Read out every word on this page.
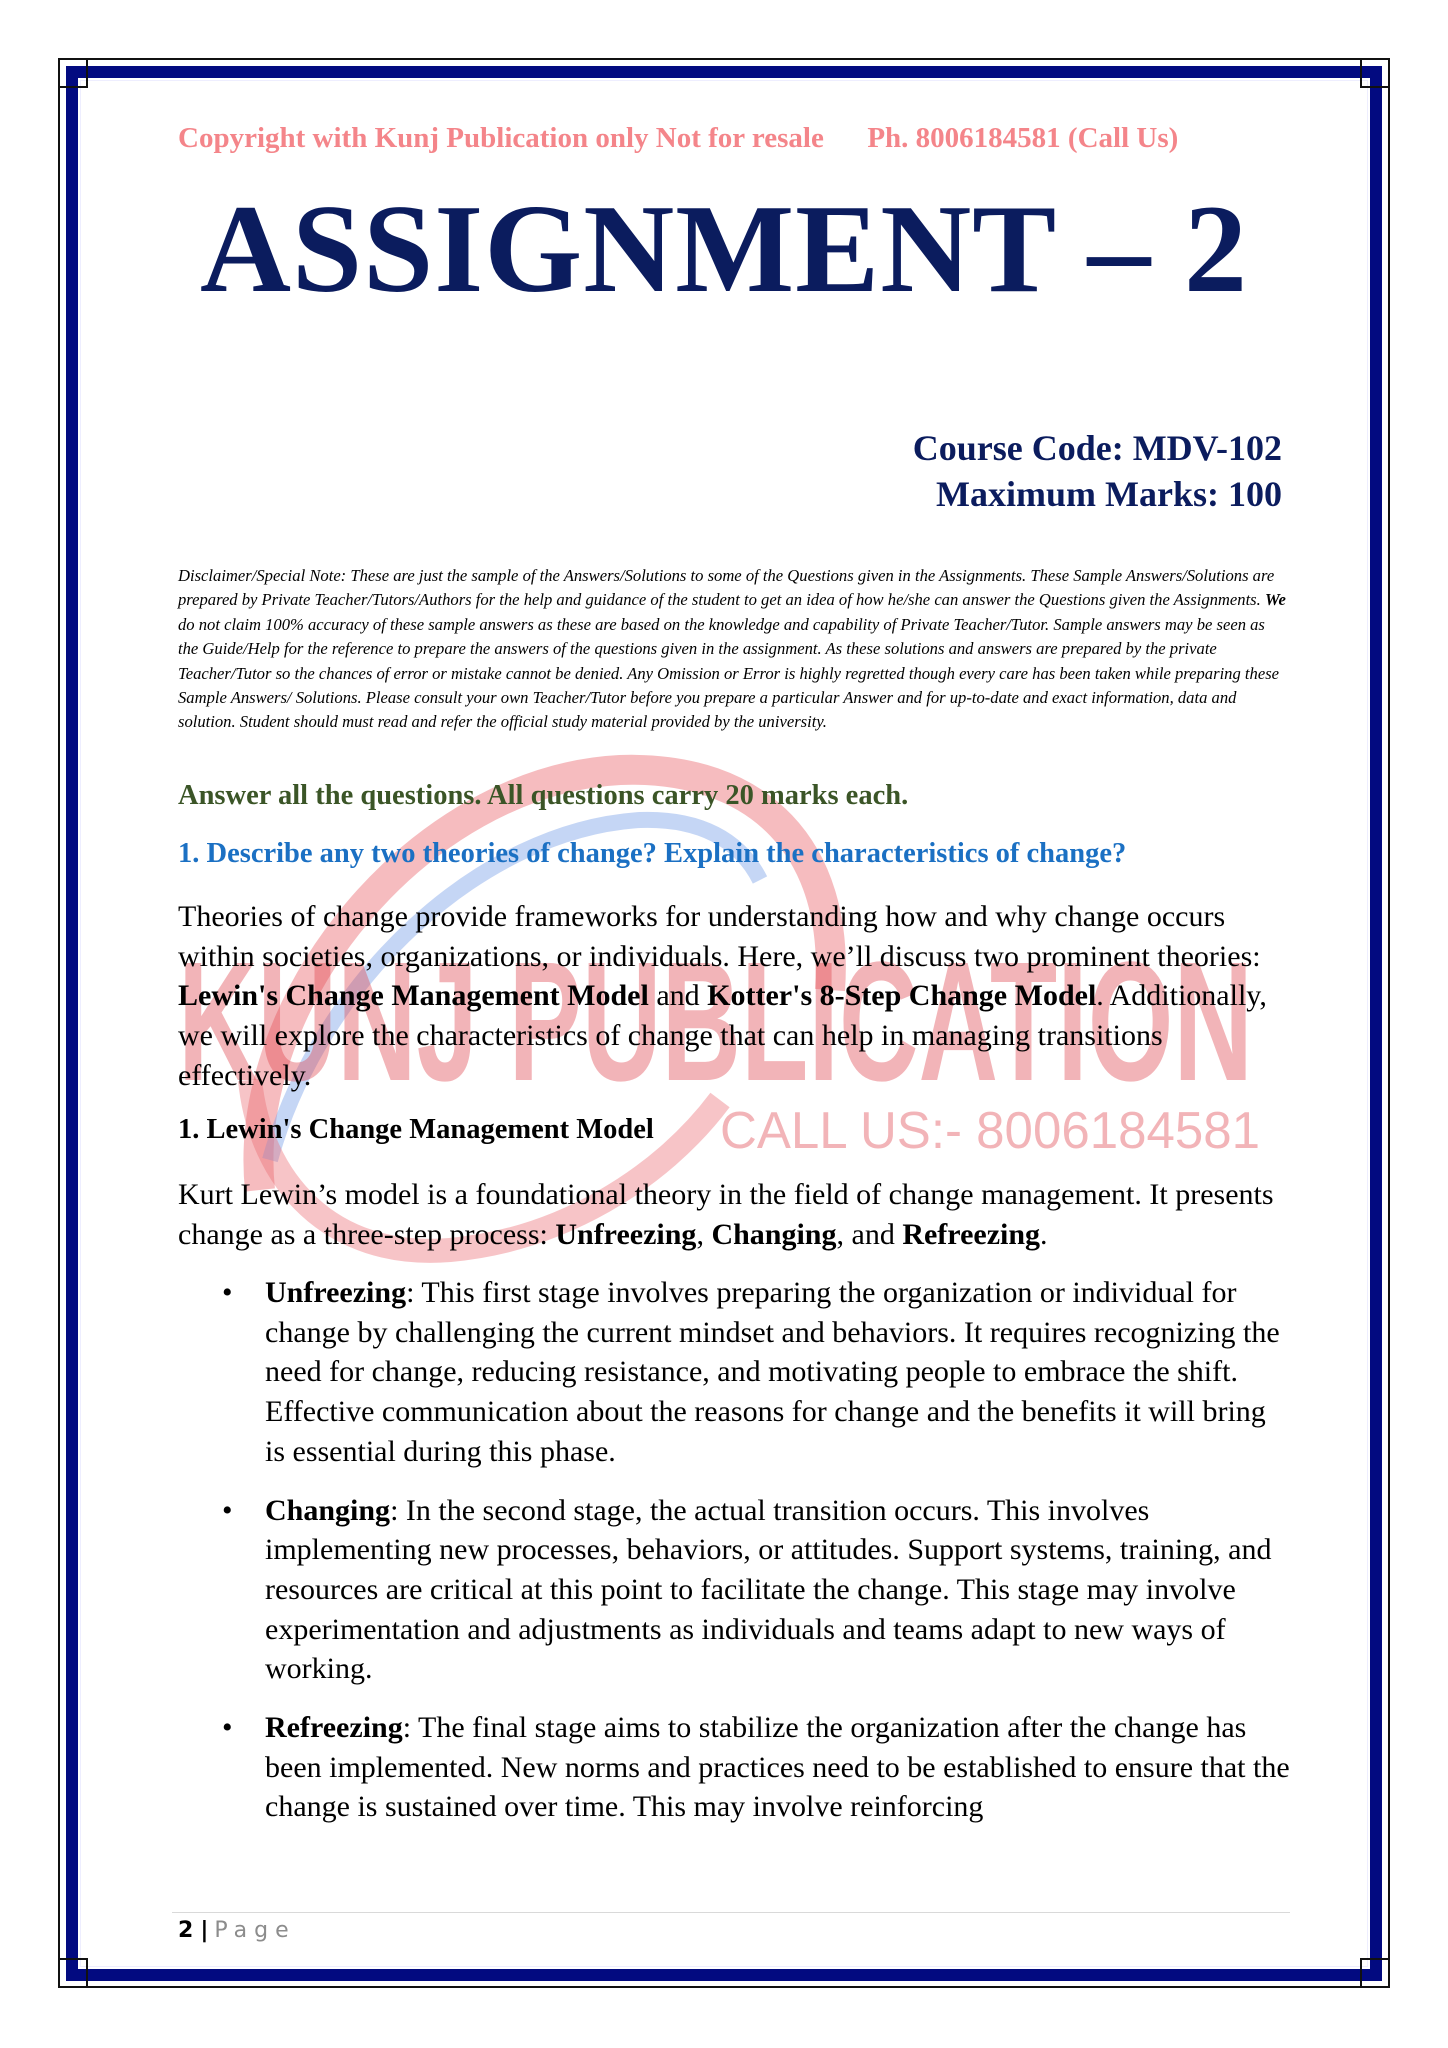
KUNJ PUBLICATION
CALL US:- 8006184581
Copyright with Kunj Publication only Not for resale Ph. 8006184581 (Call Us)
ASSIGNMENT – 2
Course Code: MDV-102
Maximum Marks: 100
Disclaimer/Special Note: These are just the sample of the Answers/Solutions to some of the Questions given in the Assignments. These Sample Answers/Solutions are prepared by Private Teacher/Tutors/Authors for the help and guidance of the student to get an idea of how he/she can answer the Questions given the Assignments. We do not claim 100% accuracy of these sample answers as these are based on the knowledge and capability of Private Teacher/Tutor. Sample answers may be seen as the Guide/Help for the reference to prepare the answers of the questions given in the assignment. As these solutions and answers are prepared by the private Teacher/Tutor so the chances of error or mistake cannot be denied. Any Omission or Error is highly regretted though every care has been taken while preparing these Sample Answers/ Solutions. Please consult your own Teacher/Tutor before you prepare a particular Answer and for up-to-date and exact information, data and solution. Student should must read and refer the official study material provided by the university.
Answer all the questions. All questions carry 20 marks each.
1. Describe any two theories of change? Explain the characteristics of change?
Theories of change provide frameworks for understanding how and why change occurs within societies, organizations, or individuals. Here, we’ll discuss two prominent theories: Lewin's Change Management Model and Kotter's 8-Step Change Model. Additionally, we will explore the characteristics of change that can help in managing transitions effectively.
1. Lewin's Change Management Model
Kurt Lewin’s model is a foundational theory in the field of change management. It presents change as a three-step process: Unfreezing, Changing, and Refreezing.
• Unfreezing: This first stage involves preparing the organization or individual for change by challenging the current mindset and behaviors. It requires recognizing the need for change, reducing resistance, and motivating people to embrace the shift. Effective communication about the reasons for change and the benefits it will bring is essential during this phase.
• Changing: In the second stage, the actual transition occurs. This involves implementing new processes, behaviors, or attitudes. Support systems, training, and resources are critical at this point to facilitate the change. This stage may involve experimentation and adjustments as individuals and teams adapt to new ways of working.
• Refreezing: The final stage aims to stabilize the organization after the change has been implemented. New norms and practices need to be established to ensure that the change is sustained over time. This may involve reinforcing
2 | Page
